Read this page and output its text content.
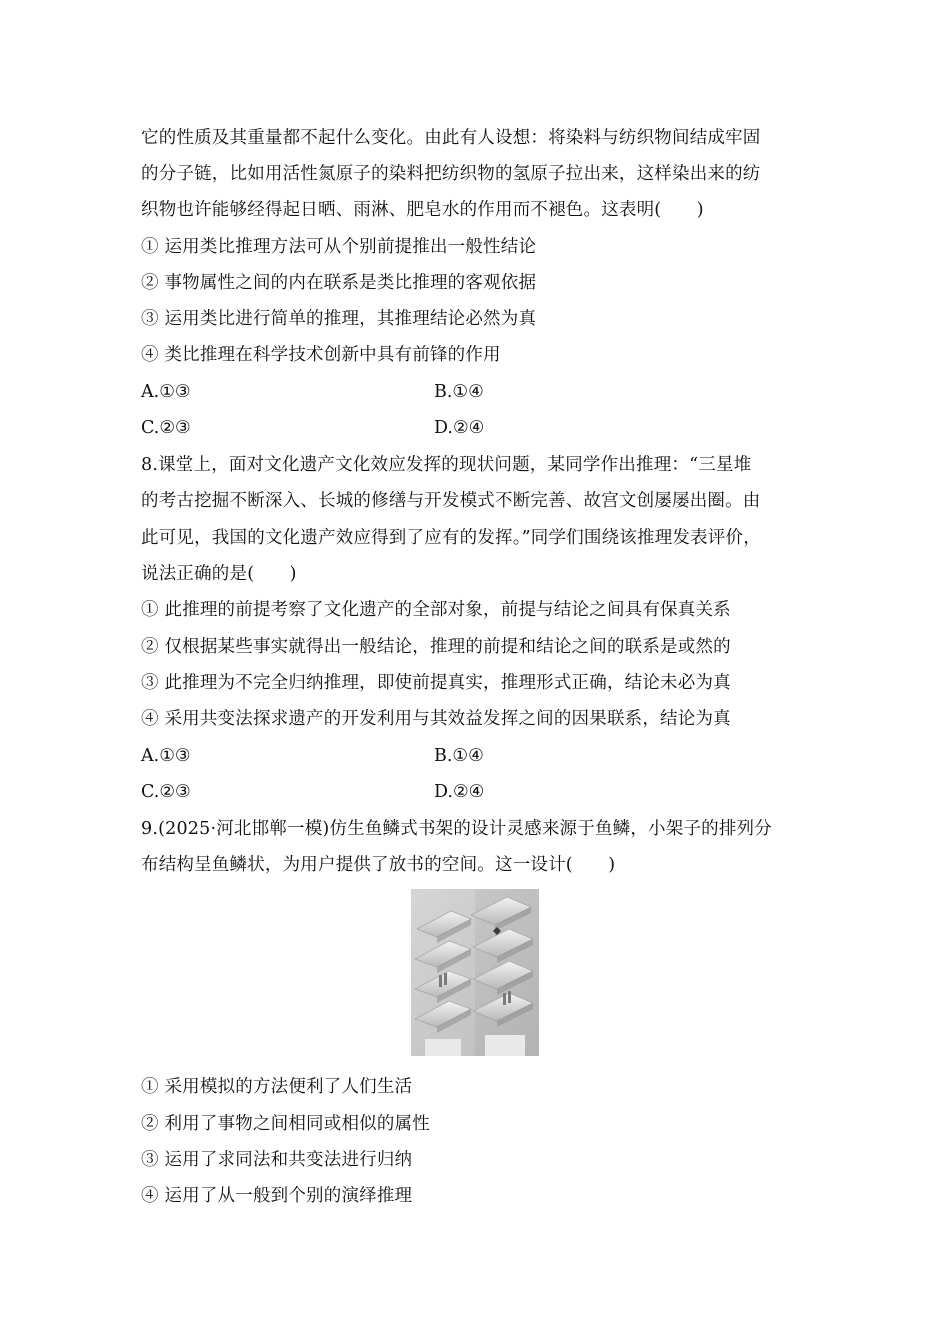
它的性质及其重量都不起什么变化。由此有人设想：将染料与纺织物间结成牢固
的分子链，比如用活性氮原子的染料把纺织物的氢原子拉出来，这样染出来的纺
织物也许能够经得起日晒、雨淋、肥皂水的作用而不褪色。这表明(　　)
① 运用类比推理方法可从个别前提推出一般性结论
② 事物属性之间的内在联系是类比推理的客观依据
③ 运用类比进行简单的推理，其推理结论必然为真
④ 类比推理在科学技术创新中具有前锋的作用
A.①③	B.①④
C.②③	D.②④
8.课堂上，面对文化遗产文化效应发挥的现状问题，某同学作出推理：“三星堆
的考古挖掘不断深入、长城的修缮与开发模式不断完善、故宫文创屡屡出圈。由
此可见，我国的文化遗产效应得到了应有的发挥。”同学们围绕该推理发表评价，
说法正确的是(　　)
① 此推理的前提考察了文化遗产的全部对象，前提与结论之间具有保真关系
② 仅根据某些事实就得出一般结论，推理的前提和结论之间的联系是或然的
③ 此推理为不完全归纳推理，即使前提真实，推理形式正确，结论未必为真
④ 采用共变法探求遗产的开发利用与其效益发挥之间的因果联系，结论为真
A.①③	B.①④
C.②③	D.②④
9.(2025·河北邯郸一模)仿生鱼鳞式书架的设计灵感来源于鱼鳞，小架子的排列分
布结构呈鱼鳞状，为用户提供了放书的空间。这一设计(　　)
① 采用模拟的方法便利了人们生活
② 利用了事物之间相同或相似的属性
③ 运用了求同法和共变法进行归纳
④ 运用了从一般到个别的演绎推理
